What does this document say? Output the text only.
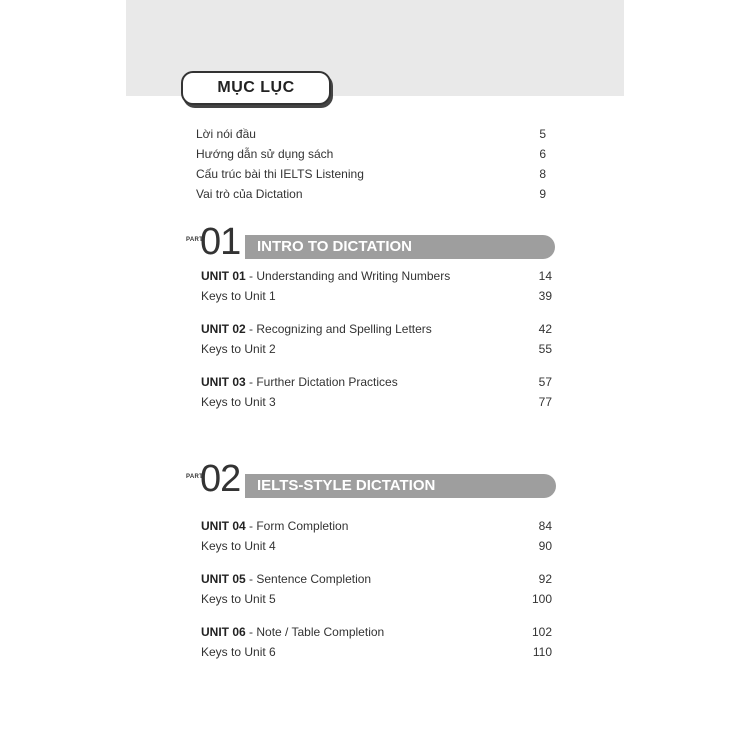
MỤC LỤC
Lời nói đầu	5
Hướng dẫn sử dụng sách	6
Cấu trúc bài thi IELTS Listening	8
Vai trò của Dictation	9
PART
01	INTRO TO DICTATION
UNIT 01 - Understanding and Writing Numbers	14
Keys to Unit 1	39
UNIT 02 - Recognizing and Spelling Letters	42
Keys to Unit 2	55
UNIT 03 - Further Dictation Practices	57
Keys to Unit 3	77
PART
02	IELTS-STYLE DICTATION
UNIT 04 - Form Completion	84
Keys to Unit 4	90
UNIT 05 - Sentence Completion	92
Keys to Unit 5	100
UNIT 06 - Note / Table Completion	102
Keys to Unit 6	110
